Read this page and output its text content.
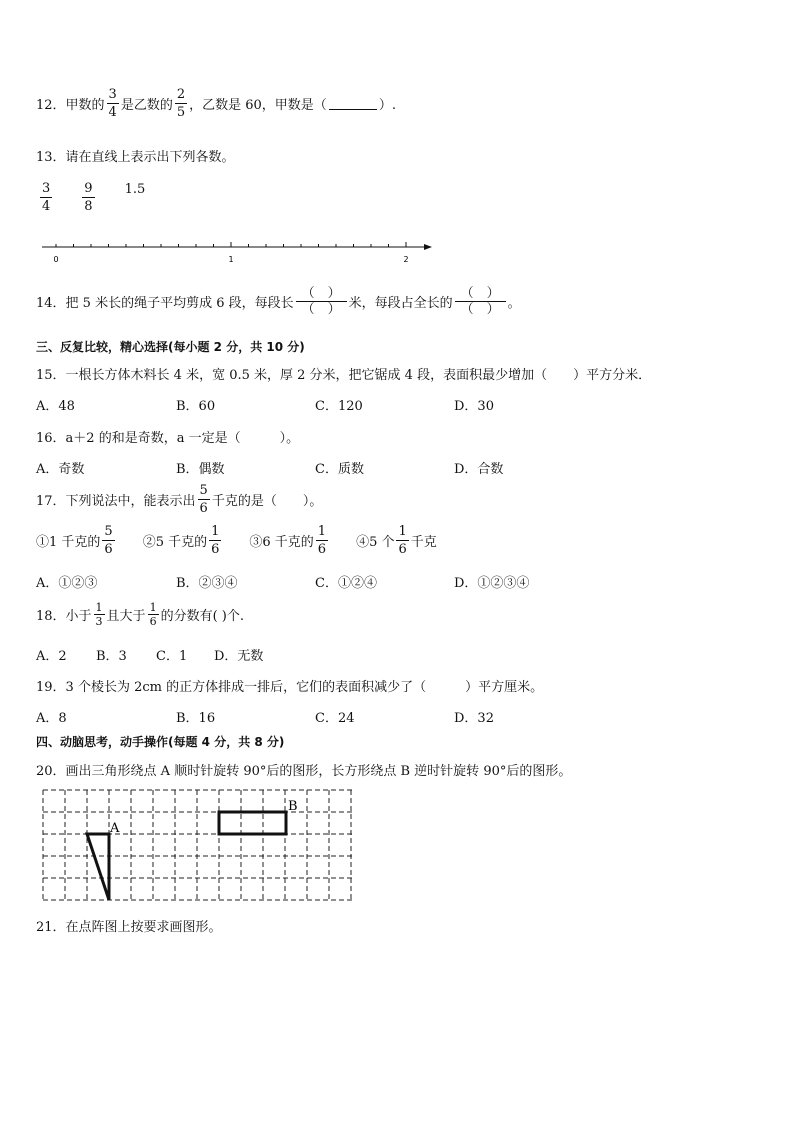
12．甲数的 $\frac{3}{4}$ 是乙数的 $\frac{2}{5}$ ，乙数是 60，甲数是（	）.
13．请在直线上表示出下列各数。
$\frac{3}{4} \frac{9}{8} 1.5$
0	1	2
14．把 5 米长的绳子平均剪成 6 段，每段长 $\frac{( )}{( )}$ 米，每段占全长的 $\frac{( )}{( )}$ 。
三、反复比较，精心选择(每小题 2 分，共 10 分)
15．一根长方体木料长 4 米，宽 0.5 米，厚 2 分米，把它锯成 4 段，表面积最少增加（　　）平方分米．
A．48	B．60	C．120	D．30
16．a＋2 的和是奇数，a 一定是（　　　）。
A．奇数	B．偶数	C．质数	D．合数
17．下列说法中，能表示出 $\frac{5}{6}$ 千克的是（　　）。
①1 千克的 $\frac{5}{6}$ ②5 千克的 $\frac{1}{6}$ ③6 千克的 $\frac{1}{6}$ ④5 个 $\frac{1}{6}$ 千克
A．①②③	B．②③④	C．①②④	D．①②③④
18．小于 $\frac{1}{3}$ 且大于 $\frac{1}{6}$ 的分数有( )个.
A．2 B．3 C．1 D．无数
19．3 个棱长为 2cm 的正方体排成一排后，它们的表面积减少了（　　　）平方厘米。
A．8	B．16	C．24	D．32
四、动脑思考，动手操作(每题 4 分，共 8 分)
20．画出三角形绕点 A 顺时针旋转 90°后的图形，长方形绕点 B 逆时针旋转 90°后的图形。
A
B
21．在点阵图上按要求画图形。
